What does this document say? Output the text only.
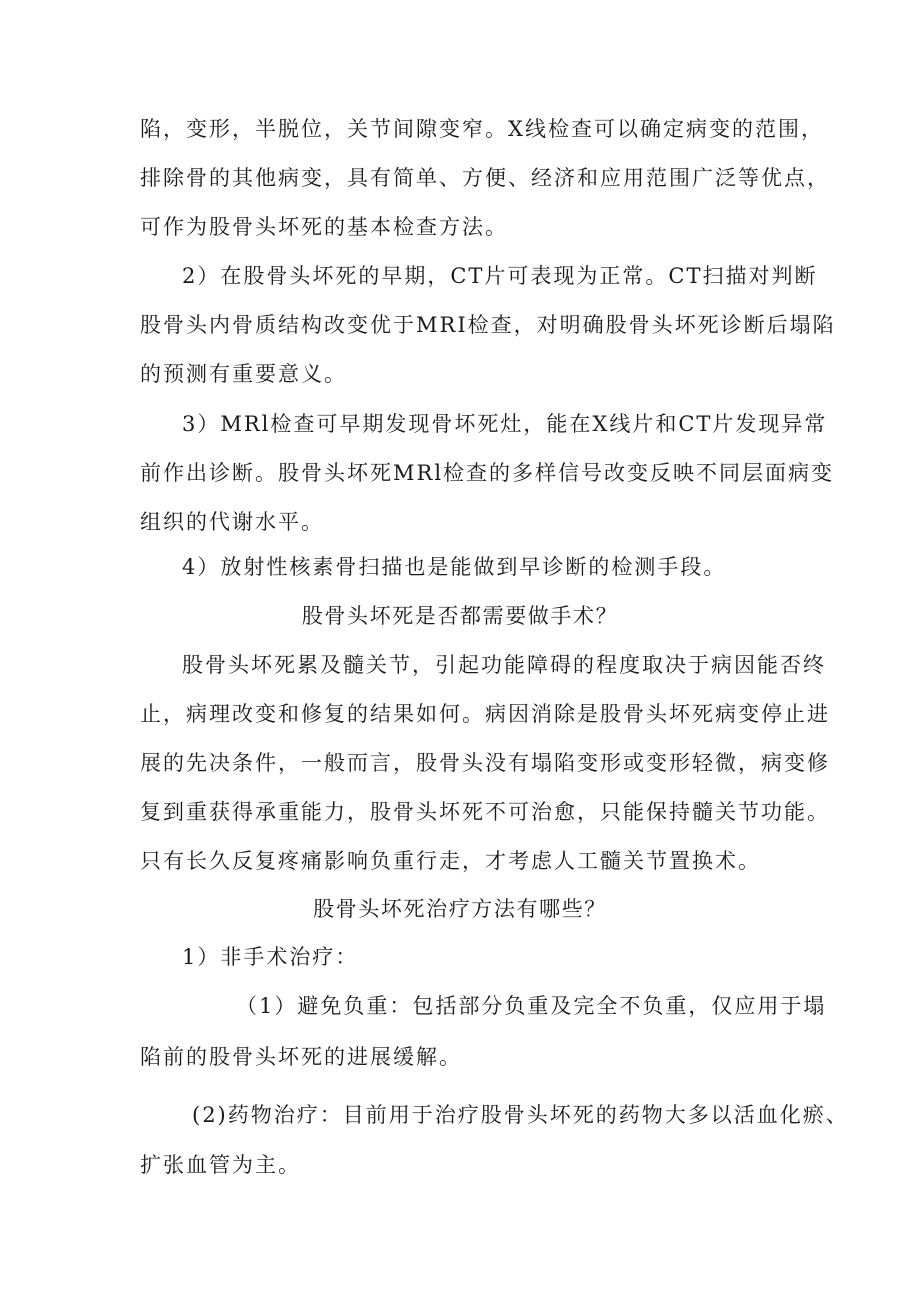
陷，变形，半脱位，关节间隙变窄。X线检查可以确定病变的范围，

排除骨的其他病变，具有简单、方便、经济和应用范围广泛等优点，

可作为股骨头坏死的基本检查方法。

2）在股骨头坏死的早期，CT片可表现为正常。CT扫描对判断

股骨头内骨质结构改变优于MRI检查，对明确股骨头坏死诊断后塌陷

的预测有重要意义。

3）MRl检查可早期发现骨坏死灶，能在X线片和CT片发现异常

前作出诊断。股骨头坏死MRl检查的多样信号改变反映不同层面病变

组织的代谢水平。

4）放射性核素骨扫描也是能做到早诊断的检测手段。

股骨头坏死是否都需要做手术？

股骨头坏死累及髓关节，引起功能障碍的程度取决于病因能否终

止，病理改变和修复的结果如何。病因消除是股骨头坏死病变停止进

展的先决条件，一般而言，股骨头没有塌陷变形或变形轻微，病变修

复到重获得承重能力，股骨头坏死不可治愈，只能保持髓关节功能。

只有长久反复疼痛影响负重行走，才考虑人工髓关节置换术。

股骨头坏死治疗方法有哪些？

1）非手术治疗：

（1）避免负重：包括部分负重及完全不负重，仅应用于塌

陷前的股骨头坏死的进展缓解。

(2)药物治疗：目前用于治疗股骨头坏死的药物大多以活血化瘀、

扩张血管为主。
